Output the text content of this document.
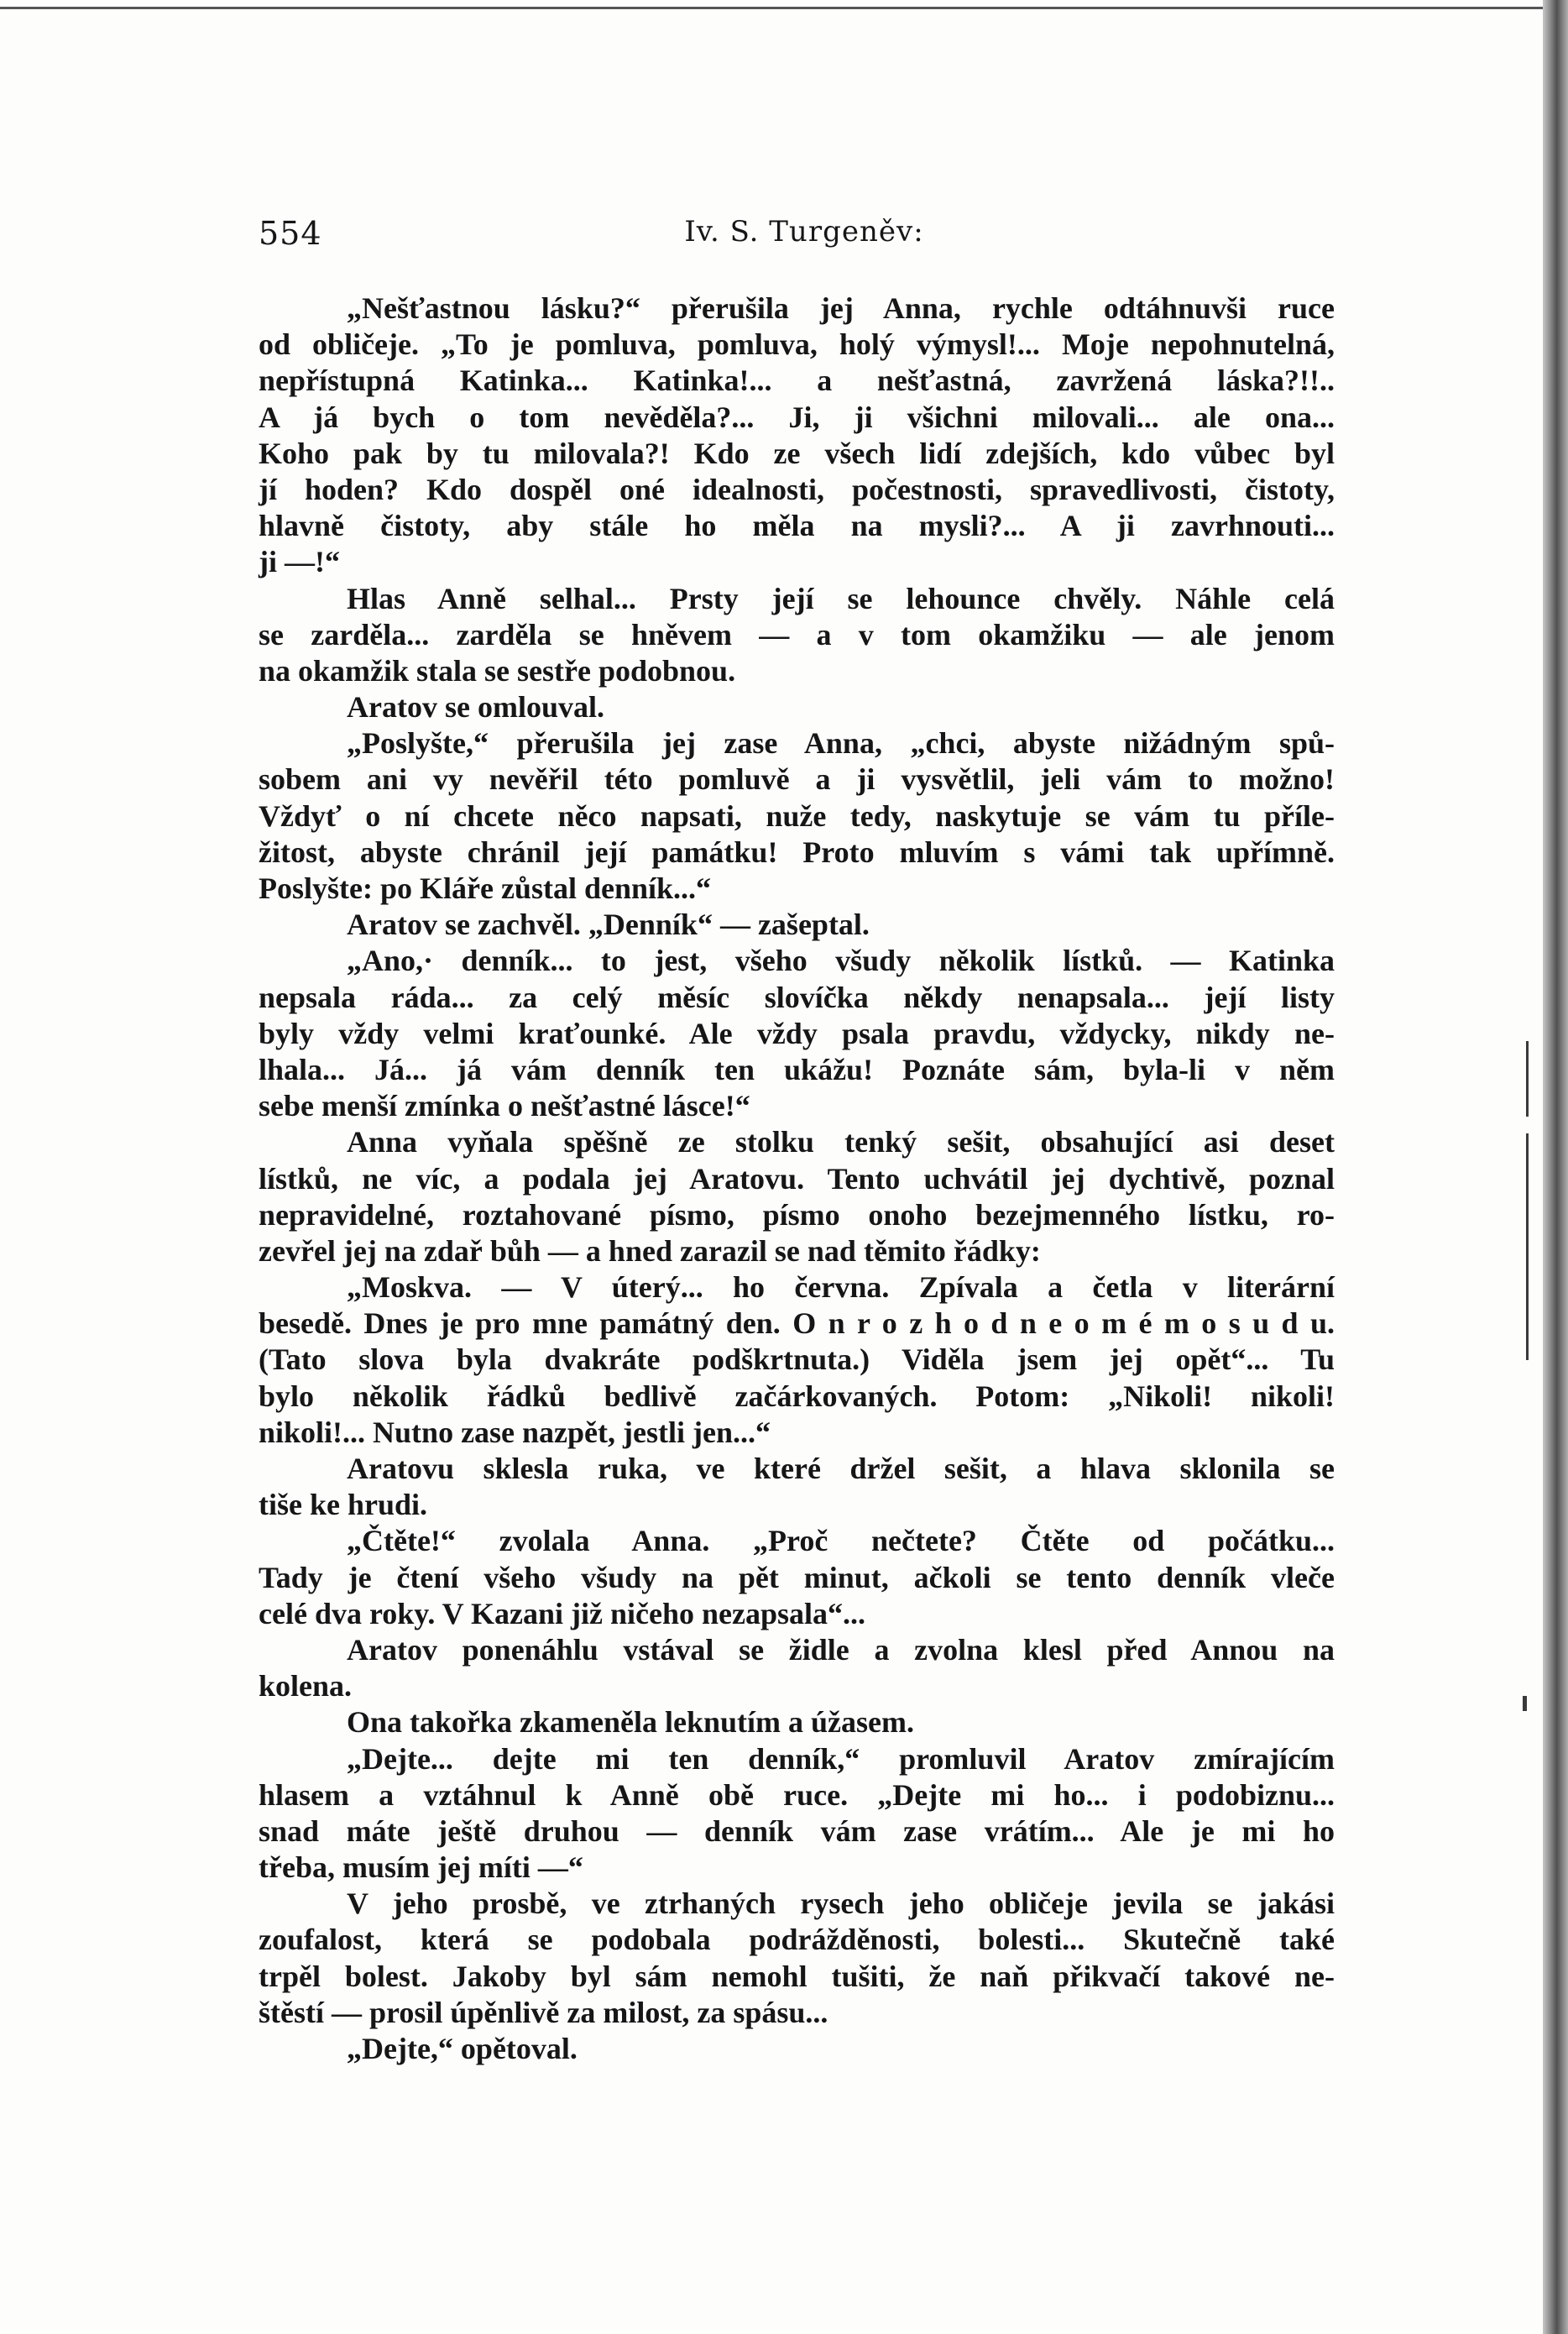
554	Iv. S. Turgeněv:
„Nešťastnou lásku?“ přerušila jej Anna, rychle odtáhnuvši ruce
od obličeje. „To je pomluva, pomluva, holý výmysl!... Moje nepohnutelná,
nepřístupná Katinka... Katinka!... a nešťastná, zavržená láska?!!..
A já bych o tom nevěděla?... Ji, ji všichni milovali... ale ona...
Koho pak by tu milovala?! Kdo ze všech lidí zdejších, kdo vůbec byl
jí hoden? Kdo dospěl oné idealnosti, počestnosti, spravedlivosti, čistoty,
hlavně čistoty, aby stále ho měla na mysli?... A ji zavrhnouti...
ji —!“
Hlas Anně selhal... Prsty její se lehounce chvěly. Náhle celá
se zarděla... zarděla se hněvem — a v tom okamžiku — ale jenom
na okamžik stala se sestře podobnou.
Aratov se omlouval.
„Poslyšte,“ přerušila jej zase Anna, „chci, abyste nižádným spů-
sobem ani vy nevěřil této pomluvě a ji vysvětlil, jeli vám to možno!
Vždyť o ní chcete něco napsati, nuže tedy, naskytuje se vám tu příle-
žitost, abyste chránil její památku! Proto mluvím s vámi tak upřímně.
Poslyšte: po Kláře zůstal denník...“
Aratov se zachvěl. „Denník“ — zašeptal.
„Ano,· denník... to jest, všeho všudy několik lístků. — Katinka
nepsala ráda... za celý měsíc slovíčka někdy nenapsala... její listy
byly vždy velmi kraťounké. Ale vždy psala pravdu, vždycky, nikdy ne-
lhala... Já... já vám denník ten ukážu! Poznáte sám, byla-li v něm
sebe menší zmínka o nešťastné lásce!“
Anna vyňala spěšně ze stolku tenký sešit, obsahující asi deset
lístků, ne víc, a podala jej Aratovu. Tento uchvátil jej dychtivě, poznal
nepravidelné, roztahované písmo, písmo onoho bezejmenného lístku, ro-
zevřel jej na zdař bůh — a hned zarazil se nad těmito řádky:
„Moskva. — V úterý... ho června. Zpívala a četla v literární
besedě. Dnes je pro mne památný den. O n r o z h o d n e o m é m o s u d u.
(Tato slova byla dvakráte podškrtnuta.) Viděla jsem jej opět“... Tu
bylo několik řádků bedlivě začárkovaných. Potom: „Nikoli! nikoli!
nikoli!... Nutno zase nazpět, jestli jen...“
Aratovu sklesla ruka, ve které držel sešit, a hlava sklonila se
tiše ke hrudi.
„Čtěte!“ zvolala Anna. „Proč nečtete? Čtěte od počátku...
Tady je čtení všeho všudy na pět minut, ačkoli se tento denník vleče
celé dva roky. V Kazani již ničeho nezapsala“...
Aratov ponenáhlu vstával se židle a zvolna klesl před Annou na
kolena.
Ona takořka zkameněla leknutím a úžasem.
„Dejte... dejte mi ten denník,“ promluvil Aratov zmírajícím
hlasem a vztáhnul k Anně obě ruce. „Dejte mi ho... i podobiznu...
snad máte ještě druhou — denník vám zase vrátím... Ale je mi ho
třeba, musím jej míti —“
V jeho prosbě, ve ztrhaných rysech jeho obličeje jevila se jakási
zoufalost, která se podobala podrážděnosti, bolesti... Skutečně také
trpěl bolest. Jakoby byl sám nemohl tušiti, že naň přikvačí takové ne-
štěstí — prosil úpěnlivě za milost, za spásu...
„Dejte,“ opětoval.
